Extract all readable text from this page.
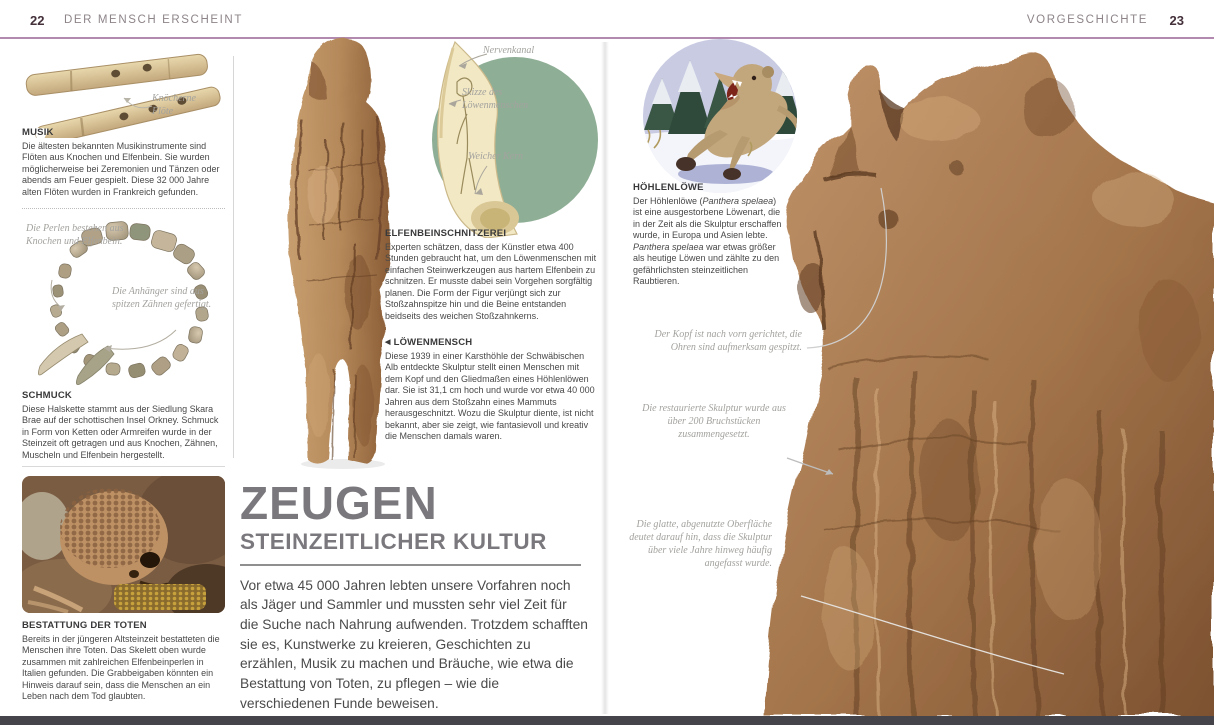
22 DER MENSCH ERSCHEINT	VORGESCHICHTE 23
Knöcherne Flöte
MUSIK
Die ältesten bekannten Musikinstrumente sind Flöten aus Knochen und Elfenbein. Sie wurden möglicherweise bei Zeremonien und Tänzen oder abends am Feuer gespielt. Diese 32 000 Jahre alten Flöten wurden in Frankreich gefunden.
Die Perlen bestehen aus Knochen und Elfenbein.
Die Anhänger sind aus spitzen Zähnen gefertigt.
SCHMUCK
Diese Halskette stammt aus der Siedlung Skara Brae auf der schottischen Insel Orkney. Schmuck in Form von Ketten oder Armreifen wurde in der Steinzeit oft getragen und aus Knochen, Zähnen, Muscheln und Elfenbein hergestellt.
BESTATTUNG DER TOTEN
Bereits in der jüngeren Altsteinzeit bestatteten die Menschen ihre Toten. Das Skelett oben wurde zusammen mit zahlreichen Elfenbeinperlen in Italien gefunden. Die Grabbeigaben könnten ein Hinweis darauf sein, dass die Menschen an ein Leben nach dem Tod glaubten.
Nervenkanal
Skizze des Löwenmenschen
Weicher Kern
ELFENBEINSCHNITZEREI
Experten schätzen, dass der Künstler etwa 400 Stunden gebraucht hat, um den Löwenmenschen mit einfachen Steinwerkzeugen aus hartem Elfenbein zu schnitzen. Er musste dabei sein Vorgehen sorgfältig planen. Die Form der Figur verjüngt sich zur Stoßzahnspitze hin und die Beine entstanden beidseits des weichen Stoßzahnkerns.
◀ LÖWENMENSCH
Diese 1939 in einer Karsthöhle der Schwäbischen Alb entdeckte Skulptur stellt einen Menschen mit dem Kopf und den Gliedmaßen eines Höhlenlöwen dar. Sie ist 31,1 cm hoch und wurde vor etwa 40 000 Jahren aus dem Stoßzahn eines Mammuts herausgeschnitzt. Wozu die Skulptur diente, ist nicht bekannt, aber sie zeigt, wie fantasievoll und kreativ die Menschen damals waren.
ZEUGEN
STEINZEITLICHER KULTUR
Vor etwa 45 000 Jahren lebten unsere Vorfahren noch als Jäger und Sammler und mussten sehr viel Zeit für die Suche nach Nahrung aufwenden. Trotzdem schafften sie es, Kunstwerke zu kreieren, Geschichten zu erzählen, Musik zu machen und Bräuche, wie etwa die Bestattung von Toten, zu pflegen – wie die verschiedenen Funde beweisen.
HÖHLENLÖWE
Der Höhlenlöwe (Panthera spelaea) ist eine ausgestorbene Löwenart, die in der Zeit als die Skulptur erschaffen wurde, in Europa und Asien lebte. Panthera spelaea war etwas größer als heutige Löwen und zählte zu den gefährlichsten steinzeitlichen Raubtieren.
Der Kopf ist nach vorn gerichtet, die Ohren sind aufmerksam gespitzt.
Die restaurierte Skulptur wurde aus über 200 Bruchstücken zusammengesetzt.
Die glatte, abgenutzte Oberfläche deutet darauf hin, dass die Skulptur über viele Jahre hinweg häufig angefasst wurde.
